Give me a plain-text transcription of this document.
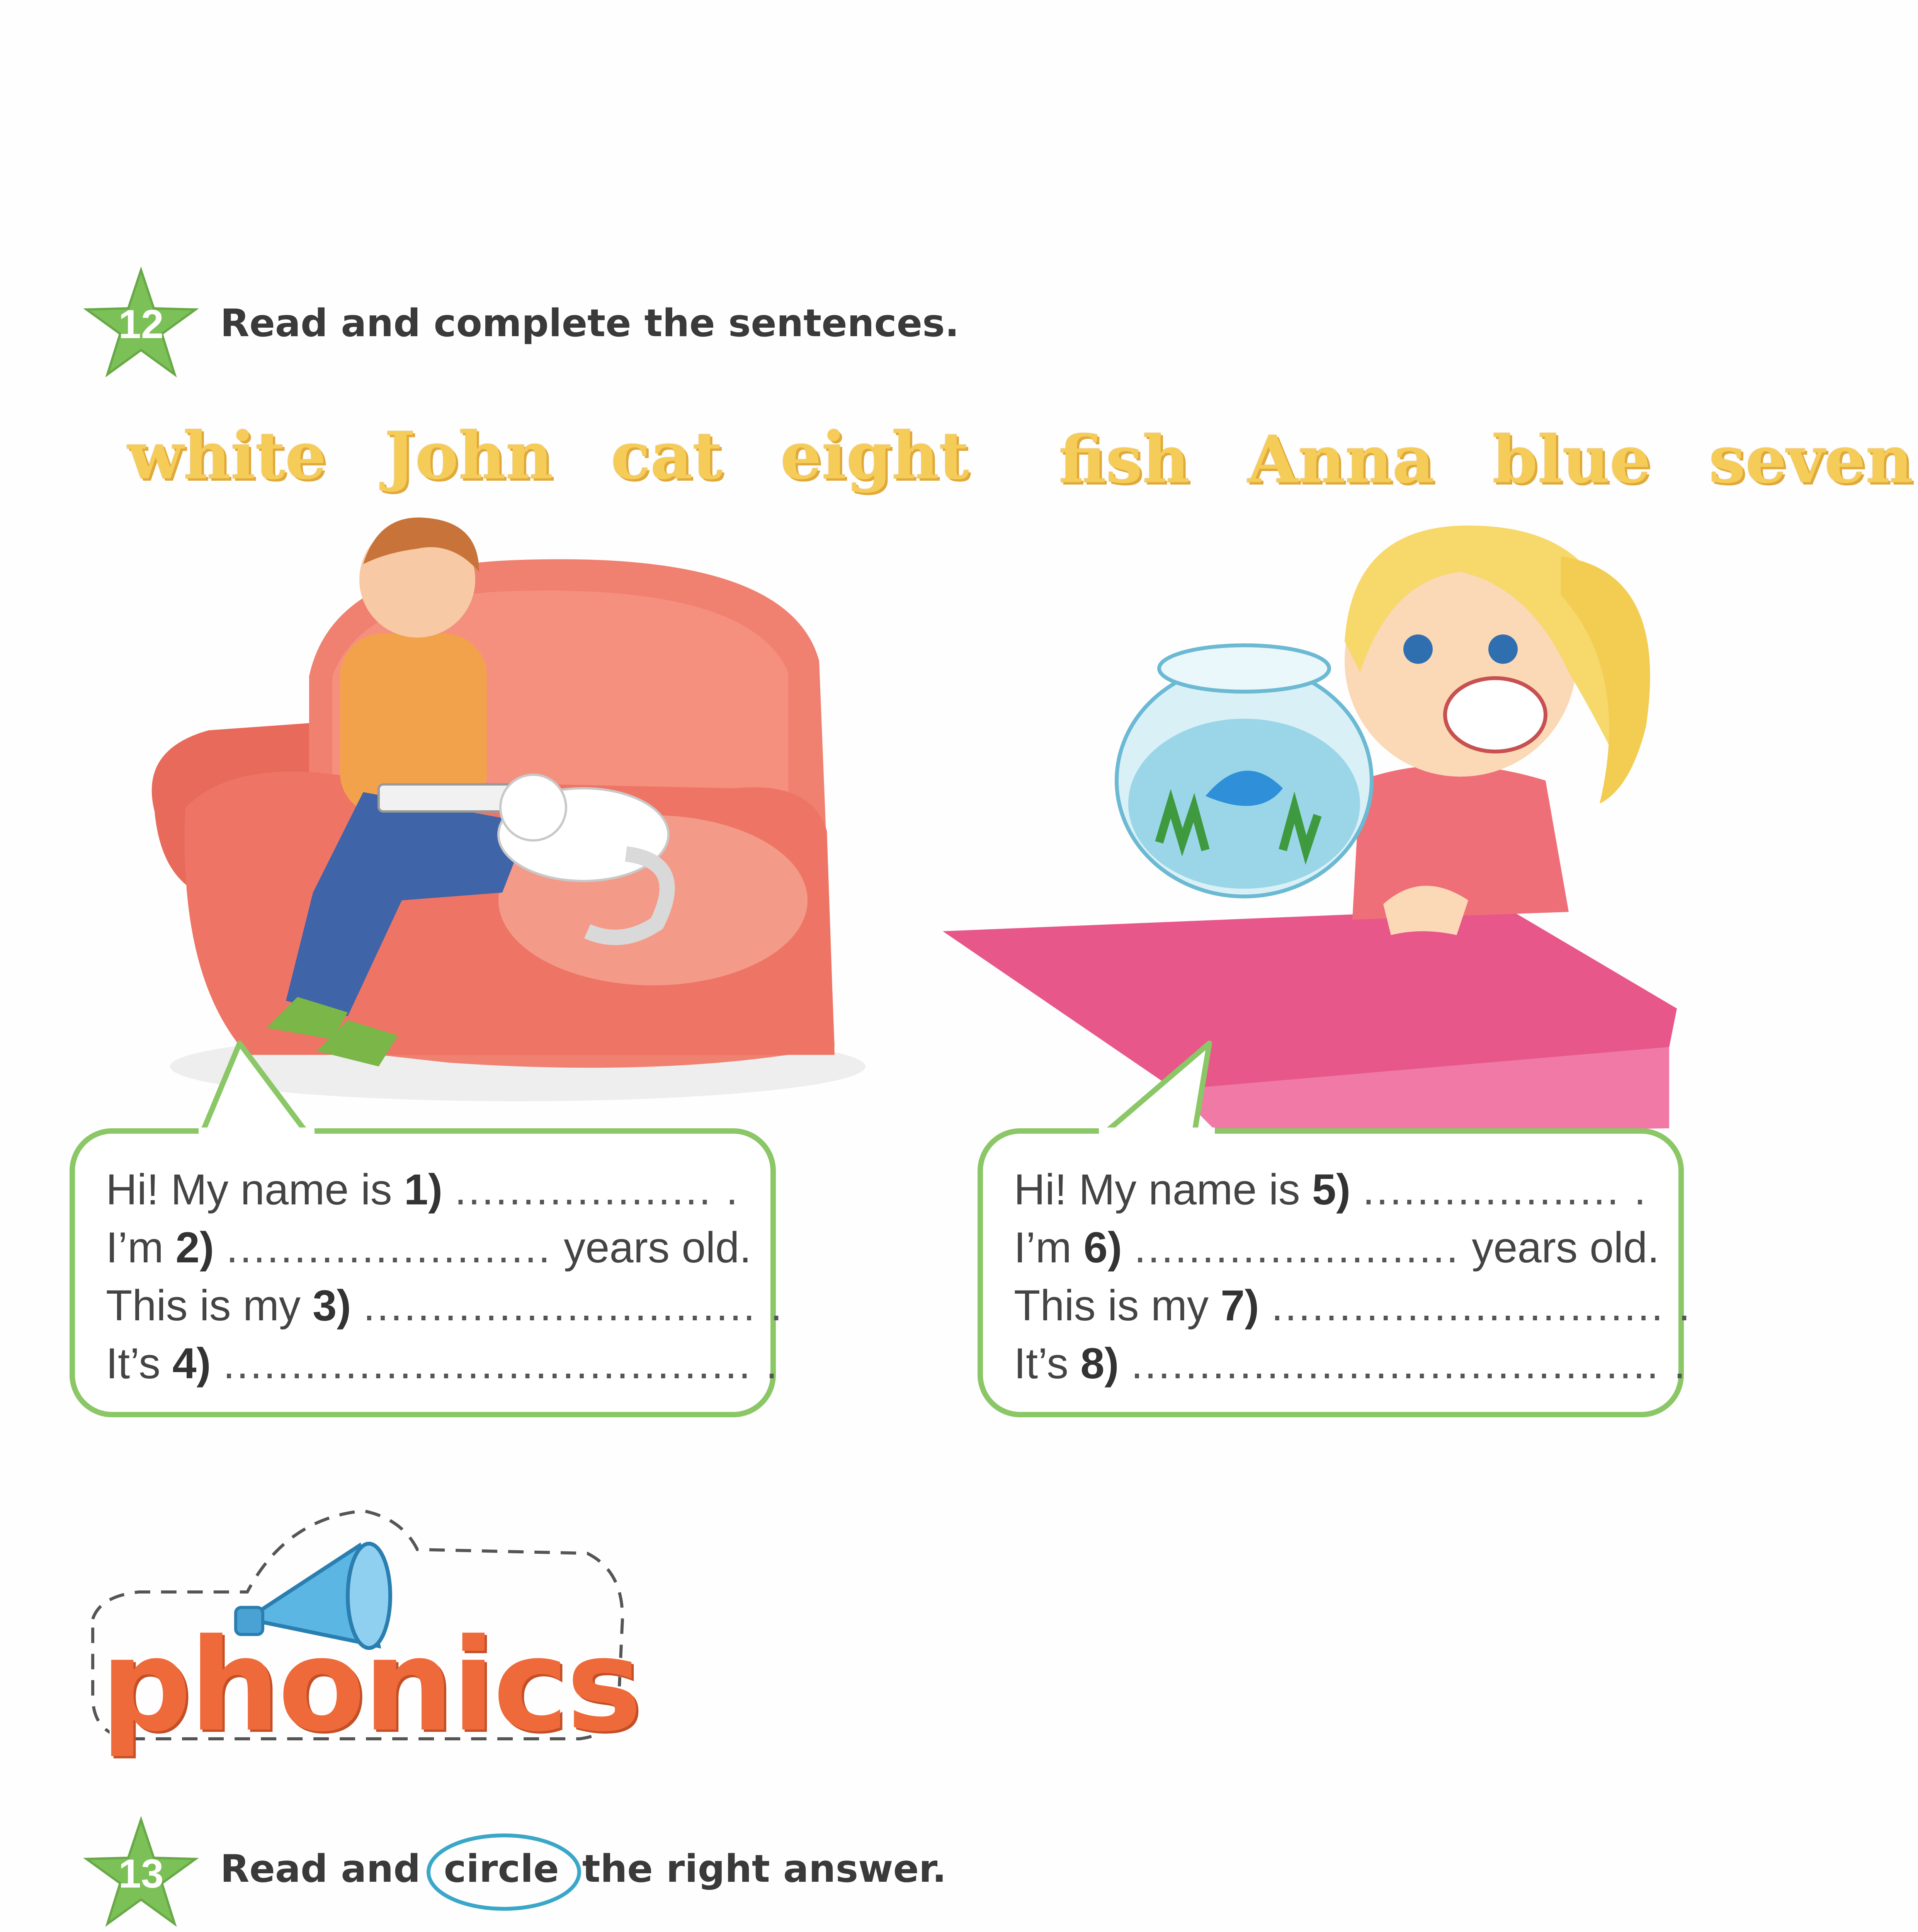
12	Read and complete the sentences.
white John cat eight fish Anna blue seven
Hi! My name is 1) ................... .
I’m 2) ........................ years old.
This is my 3) ............................. .
It’s 4) ....................................... .
Hi! My name is 5) ................... .
I’m 6) ........................ years old.
This is my 7) ............................. .
It’s 8) ....................................... .
phonics
13	Read and circle the right answer.
